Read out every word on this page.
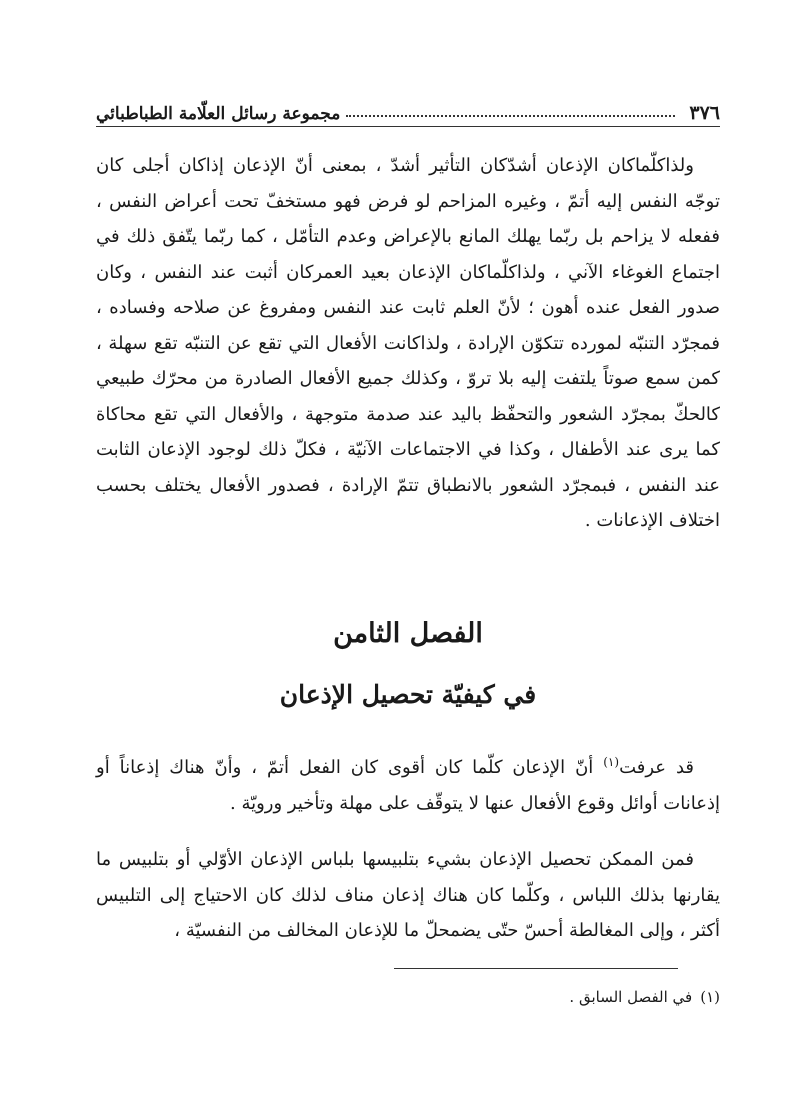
٣٧٦
مجموعة رسائل العلّامة الطباطبائي

ولذاكلّماكان الإذعان أشدّكان التأثير أشدّ ، بمعنى أنّ الإذعان إذاكان أجلى كان توجّه النفس إليه أتمّ ، وغيره المزاحم لو فرض فهو مستخفّ تحت أعراض النفس ، ففعله لا يزاحم بل ربّما يهلك المانع بالإعراض وعدم التأمّل ، كما ربّما يتّفق ذلك في اجتماع الغوغاء الآني ، ولذاكلّماكان الإذعان بعيد العمركان أثبت عند النفس ، وكان صدور الفعل عنده أهون ؛ لأنّ العلم ثابت عند النفس ومفروغ عن صلاحه وفساده ، فمجرّد التنبّه لمورده تتكوّن الإرادة ، ولذاكانت الأفعال التي تقع عن التنبّه تقع سهلة ، كمن سمع صوتاً يلتفت إليه بلا تروّ ، وكذلك جميع الأفعال الصادرة من محرّك طبيعي كالحكّ بمجرّد الشعور والتحفّظ باليد عند صدمة متوجهة ، والأفعال التي تقع محاكاة كما يرى عند الأطفال ، وكذا في الاجتماعات الآنيّة ، فكلّ ذلك لوجود الإذعان الثابت عند النفس ، فبمجرّد الشعور بالانطباق تتمّ الإرادة ، فصدور الأفعال يختلف بحسب اختلاف الإذعانات .

الفصل الثامن
في كيفيّة تحصيل الإذعان

قد عرفت$^{(١)}$ أنّ الإذعان كلّما كان أقوى كان الفعل أتمّ ، وأنّ هناك إذعاناً أو إذعانات أوائل وقوع الأفعال عنها لا يتوقّف على مهلة وتأخير ورويّة .

فمن الممكن تحصيل الإذعان بشيء بتلبيسها بلباس الإذعان الأوّلي أو بتلبيس ما يقارنها بذلك اللباس ، وكلّما كان هناك إذعان مناف لذلك كان الاحتياج إلى التلبيس أكثر ، وإلى المغالطة أحسّ حتّى يضمحلّ ما للإذعان المخالف من النفسيّة ،

(١)
في الفصل السابق .
